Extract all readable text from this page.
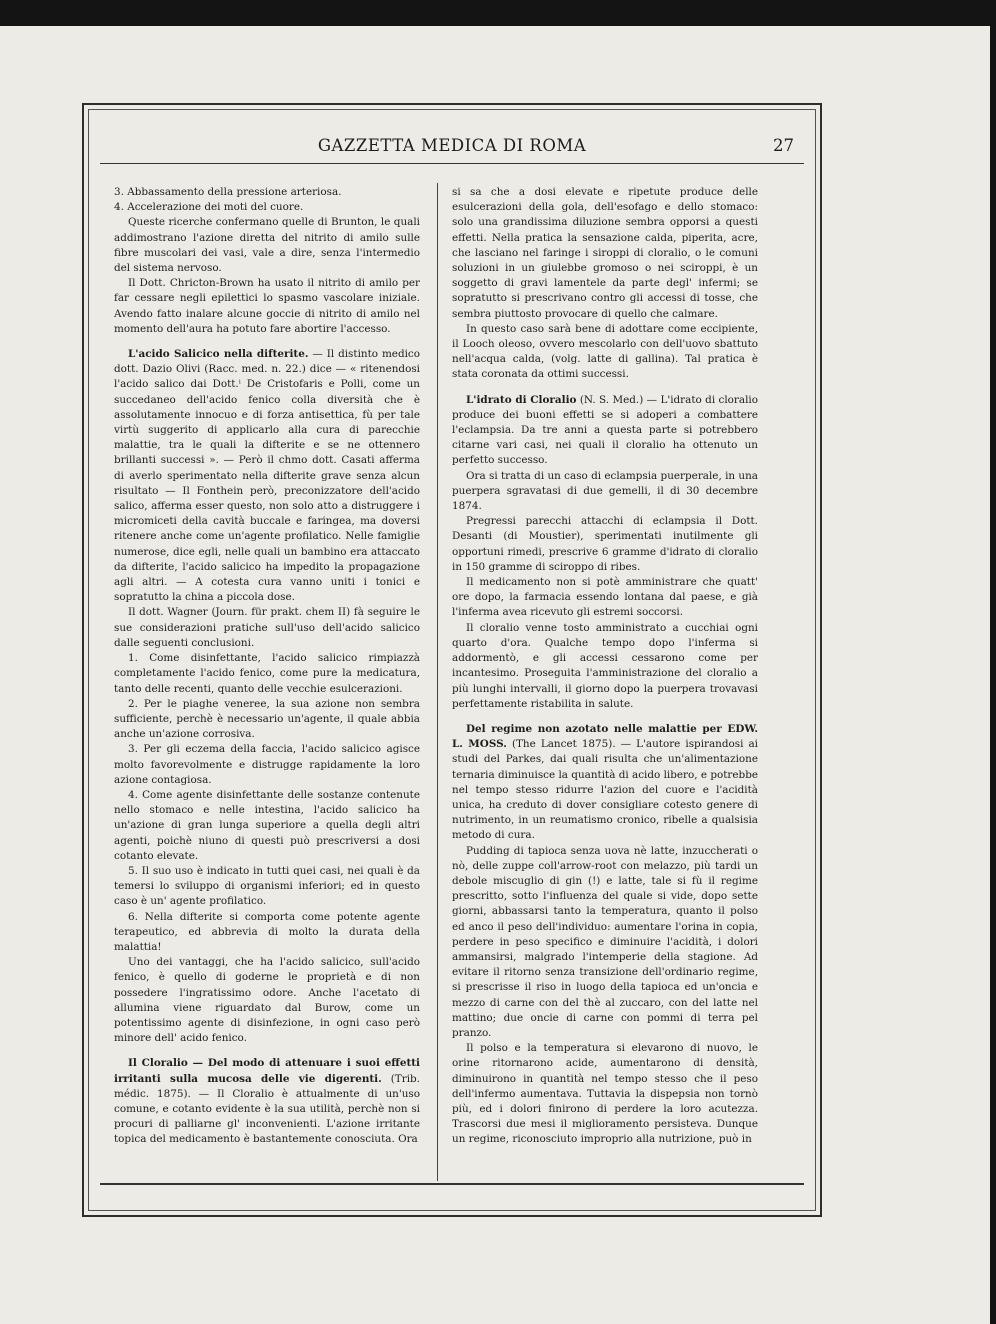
GAZZETTA MEDICA DI ROMA	27

3. Abbassamento della pressione arteriosa.

4. Accelerazione dei moti del cuore.

Queste ricerche confermano quelle di Brunton, le quali addimostrano l'azione diretta del nitrito di amilo sulle fibre muscolari dei vasi, vale a dire, senza l'intermedio del sistema nervoso.

Il Dott. Chricton-Brown ha usato il nitrito di amilo per far cessare negli epilettici lo spasmo vascolare iniziale. Avendo fatto inalare alcune goccie di nitrito di amilo nel momento dell'aura ha potuto fare abortire l'accesso.

L'acido Salicico nella difterite. — Il distinto medico dott. Dazio Olivi (Racc. med. n. 22.) dice — « ritenendosi l'acido salico dai Dott.ⁱ De Cristofaris e Polli, come un succedaneo dell'acido fenico colla diversità che è assolutamente innocuo e di forza antisettica, fù per tale virtù suggerito di applicarlo alla cura di parecchie malattie, tra le quali la difterite e se ne ottennero brillanti successi ». — Però il chmo dott. Casati afferma di averlo sperimentato nella difterite grave senza alcun risultato — Il Fonthein però, preconizzatore dell'acido salico, afferma esser questo, non solo atto a distruggere i micromiceti della cavità buccale e faringea, ma doversi ritenere anche come un'agente profilatico. Nelle famiglie numerose, dice egli, nelle quali un bambino era attaccato da difterite, l'acido salicico ha impedito la propagazione agli altri. — A cotesta cura vanno uniti i tonici e sopratutto la china a piccola dose.

Il dott. Wagner (Journ. für prakt. chem II) fà seguire le sue considerazioni pratiche sull'uso dell'acido salicico dalle seguenti conclusioni.

1. Come disinfettante, l'acido salicico rimpiazzà completamente l'acido fenico, come pure la medicatura, tanto delle recenti, quanto delle vecchie esulcerazioni.

2. Per le piaghe veneree, la sua azione non sembra sufficiente, perchè è necessario un'agente, il quale abbia anche un'azione corrosiva.

3. Per gli eczema della faccia, l'acido salicico agisce molto favorevolmente e distrugge rapidamente la loro azione contagiosa.

4. Come agente disinfettante delle sostanze contenute nello stomaco e nelle intestina, l'acido salicico ha un'azione di gran lunga superiore a quella degli altri agenti, poichè niuno di questi può prescriversi a dosi cotanto elevate.

5. Il suo uso è indicato in tutti quei casi, nei quali è da temersi lo sviluppo di organismi inferiori; ed in questo caso è un' agente profilatico.

6. Nella difterite si comporta come potente agente terapeutico, ed abbrevia di molto la durata della malattia!

Uno dei vantaggi, che ha l'acido salicico, sull'acido fenico, è quello di goderne le proprietà e di non possedere l'ingratissimo odore. Anche l'acetato di allumina viene riguardato dal Burow, come un potentissimo agente di disinfezione, in ogni caso però minore dell' acido fenico.

Il Cloralio — Del modo di attenuare i suoi effetti irritanti sulla mucosa delle vie digerenti. (Trib. médic. 1875). — Il Cloralio è attualmente di un'uso comune, e cotanto evidente è la sua utilità, perchè non si procuri di palliarne gl' inconvenienti. L'azione irritante topica del medicamento è bastantemente conosciuta. Ora

si sa che a dosi elevate e ripetute produce delle esulcerazioni della gola, dell'esofago e dello stomaco: solo una grandissima diluzione sembra opporsi a questi effetti. Nella pratica la sensazione calda, piperita, acre, che lasciano nel faringe i siroppi di cloralio, o le comuni soluzioni in un giulebbe gromoso o nei sciroppi, è un soggetto di gravi lamentele da parte degl' infermi; se sopratutto si prescrivano contro gli accessi di tosse, che sembra piuttosto provocare di quello che calmare.

In questo caso sarà bene di adottare come eccipiente, il Looch oleoso, ovvero mescolarlo con dell'uovo sbattuto nell'acqua calda, (volg. latte di gallina). Tal pratica è stata coronata da ottimi successi.

L'idrato di Cloralio (N. S. Med.) — L'idrato di cloralio produce dei buoni effetti se si adoperi a combattere l'eclampsia. Da tre anni a questa parte si potrebbero citarne vari casi, nei quali il cloralio ha ottenuto un perfetto successo.

Ora si tratta di un caso di eclampsia puerperale, in una puerpera sgravatasi di due gemelli, il di 30 decembre 1874.

Pregressi parecchi attacchi di eclampsia il Dott. Desanti (di Moustier), sperimentati inutilmente gli opportuni rimedi, prescrive 6 gramme d'idrato di cloralio in 150 gramme di sciroppo di ribes.

Il medicamento non si potè amministrare che quatt' ore dopo, la farmacia essendo lontana dal paese, e già l'inferma avea ricevuto gli estremi soccorsi.

Il cloralio venne tosto amministrato a cucchiai ogni quarto d'ora. Qualche tempo dopo l'inferma si addormentò, e gli accessi cessarono come per incantesimo. Proseguita l'amministrazione del cloralio a più lunghi intervalli, il giorno dopo la puerpera trovavasi perfettamente ristabilita in salute.

Del regime non azotato nelle malattie per EDW. L. MOSS. (The Lancet 1875). — L'autore ispirandosi ai studi del Parkes, dai quali risulta che un'alimentazione ternaria diminuisce la quantità di acido libero, e potrebbe nel tempo stesso ridurre l'azion del cuore e l'acidità unica, ha creduto di dover consigliare cotesto genere di nutrimento, in un reumatismo cronico, ribelle a qualsisia metodo di cura.

Pudding di tapioca senza uova nè latte, inzuccherati o nò, delle zuppe coll'arrow-root con melazzo, più tardi un debole miscuglio di gin (!) e latte, tale si fù il regime prescritto, sotto l'influenza del quale si vide, dopo sette giorni, abbassarsi tanto la temperatura, quanto il polso ed anco il peso dell'individuo: aumentare l'orina in copia, perdere in peso specifico e diminuire l'acidità, i dolori ammansirsi, malgrado l'intemperie della stagione. Ad evitare il ritorno senza transizione dell'ordinario regime, si prescrisse il riso in luogo della tapioca ed un'oncia e mezzo di carne con del thè al zuccaro, con del latte nel mattino; due oncie di carne con pommi di terra pel pranzo.

Il polso e la temperatura si elevarono di nuovo, le orine ritornarono acide, aumentarono di densità, diminuirono in quantità nel tempo stesso che il peso dell'infermo aumentava. Tuttavia la dispepsia non tornò più, ed i dolori finirono di perdere la loro acutezza. Trascorsi due mesi il miglioramento persisteva. Dunque un regime, riconosciuto improprio alla nutrizione, può in
